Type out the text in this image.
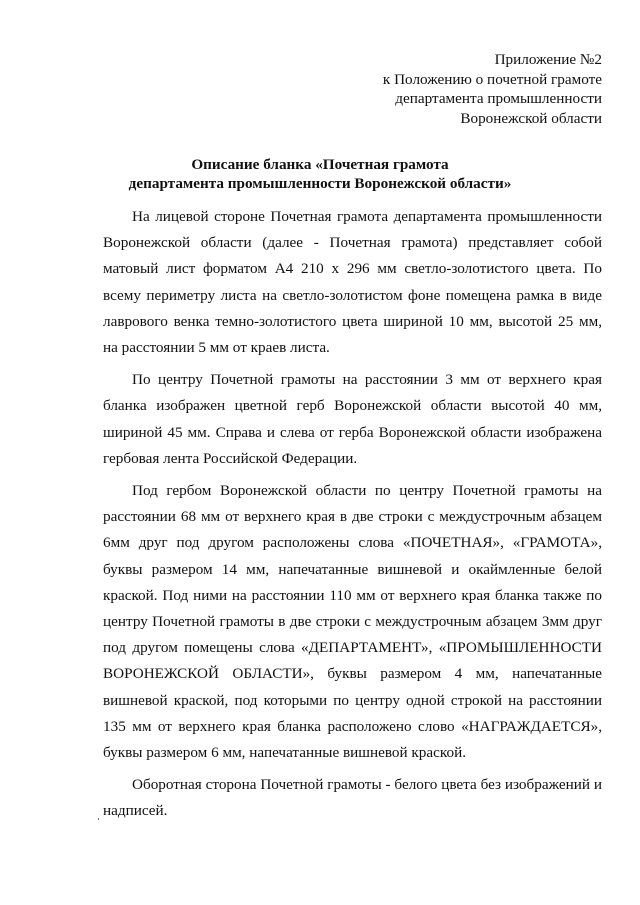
Приложение №2
к Положению о почетной грамоте
департамента промышленности
Воронежской области
Описание бланка «Почетная грамота
департамента промышленности Воронежской области»

На лицевой стороне Почетная грамота департамента промышленности Воронежской области (далее - Почетная грамота) представляет собой матовый лист форматом А4 210 х 296 мм светло-золотистого цвета. По всему периметру листа на светло-золотистом фоне помещена рамка в виде лаврового венка темно-золотистого цвета шириной 10 мм, высотой 25 мм, на расстоянии 5 мм от краев листа.

По центру Почетной грамоты на расстоянии 3 мм от верхнего края бланка изображен цветной герб Воронежской области высотой 40 мм, шириной 45 мм. Справа и слева от герба Воронежской области изображена гербовая лента Российской Федерации.

Под гербом Воронежской области по центру Почетной грамоты на расстоянии 68 мм от верхнего края в две строки с междустрочным абзацем 6мм друг под другом расположены слова «ПОЧЕТНАЯ», «ГРАМОТА», буквы размером 14 мм, напечатанные вишневой и окаймленные белой краской. Под ними на расстоянии 110 мм от верхнего края бланка также по центру Почетной грамоты в две строки с междустрочным абзацем 3мм друг под другом помещены слова «ДЕПАРТАМЕНТ», «ПРОМЫШЛЕННОСТИ ВОРОНЕЖСКОЙ ОБЛАСТИ», буквы размером 4 мм, напечатанные вишневой краской, под которыми по центру одной строкой на расстоянии 135 мм от верхнего края бланка расположено слово «НАГРАЖДАЕТСЯ», буквы размером 6 мм, напечатанные вишневой краской.

Оборотная сторона Почетной грамоты - белого цвета без изображений и надписей.
